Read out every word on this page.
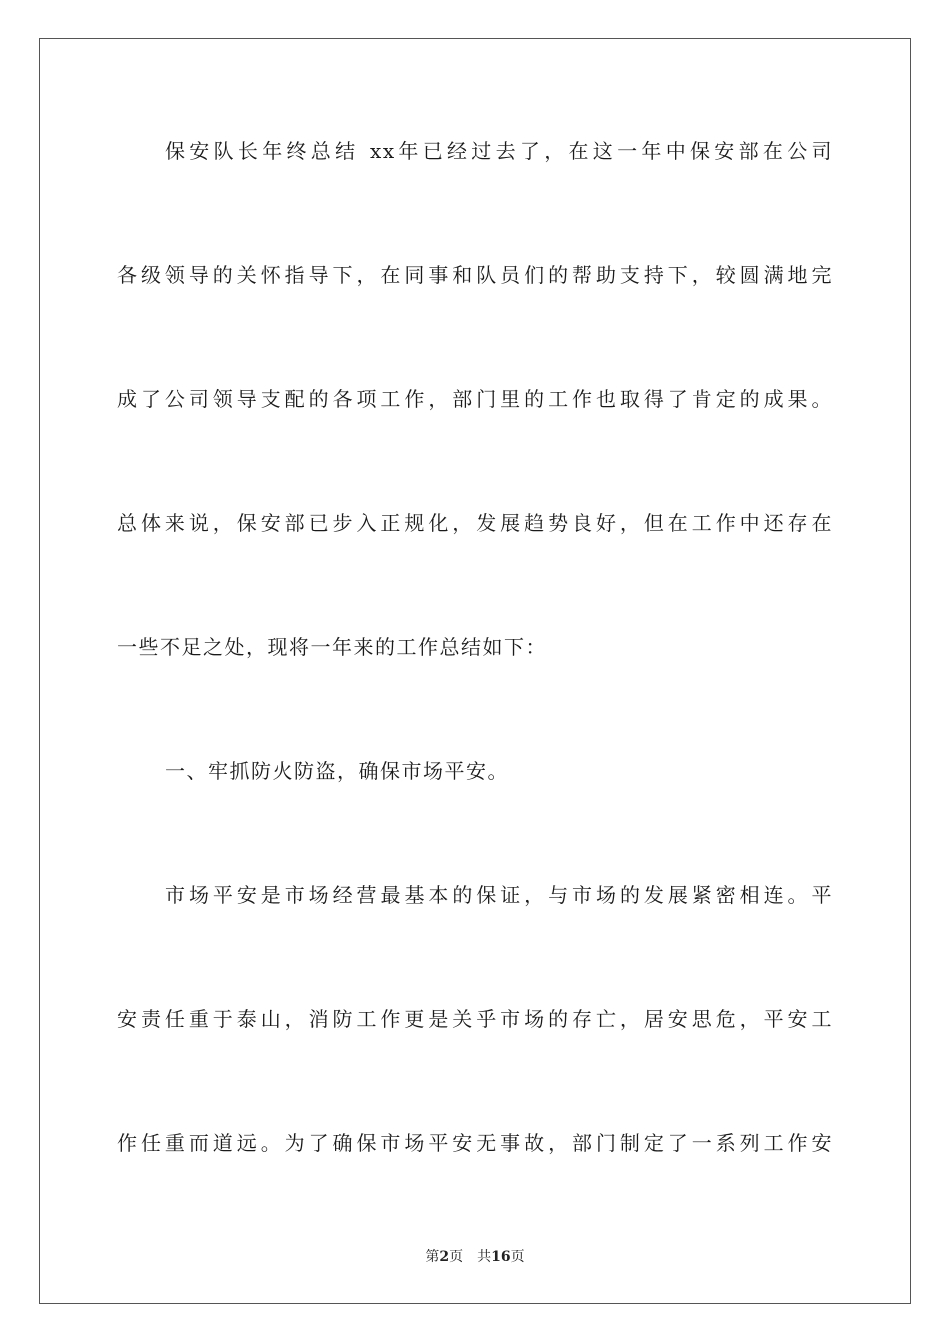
保安队长年终总结 xx年已经过去了，在这一年中保安部在公司
各级领导的关怀指导下，在同事和队员们的帮助支持下，较圆满地完
成了公司领导支配的各项工作，部门里的工作也取得了肯定的成果。
总体来说，保安部已步入正规化，发展趋势良好，但在工作中还存在
一些不足之处，现将一年来的工作总结如下：
一、牢抓防火防盗，确保市场平安。
市场平安是市场经营最基本的保证，与市场的发展紧密相连。平
安责任重于泰山，消防工作更是关乎市场的存亡，居安思危，平安工
作任重而道远。为了确保市场平安无事故，部门制定了一系列工作安
第2页 共16页
